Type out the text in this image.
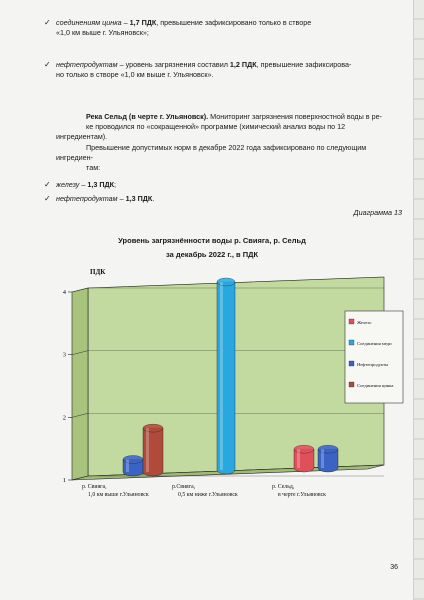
✓ соединениям цинка – 1,7 ПДК, превышение зафиксировано только в створе
«1,0 км выше г. Ульяновск»;
✓ нефтепродуктам – уровень загрязнения составил 1,2 ПДК, превышение зафиксирова-
но только в створе «1,0 км выше г. Ульяновск».
Река Сельд (в черте г. Ульяновск). Мониторинг загрязнения поверхностной воды в ре-
ке проводился по «сокращенной» программе (химический анализ воды по 12 ингредиентам).
Превышение допустимых норм в декабре 2022 года зафиксировано по следующим ингредиен-
там:
✓ железу – 1,3 ПДК;
✓ нефтепродуктам – 1,3 ПДК.
Диаграмма 13
Уровень загрязнённости воды р. Свияга, р. Сельд
за декабрь 2022 г., в ПДК
1
2
3
4
р. Свияга,
1,0 км выше г.Ульяновск
р.Свияга,
0,5 км ниже г.Ульяновск
р. Сельд,
в черте г.Ульяновск
ПДК
Железо
Соединения меди
Нефтепродукты
Соединения цинка
36
